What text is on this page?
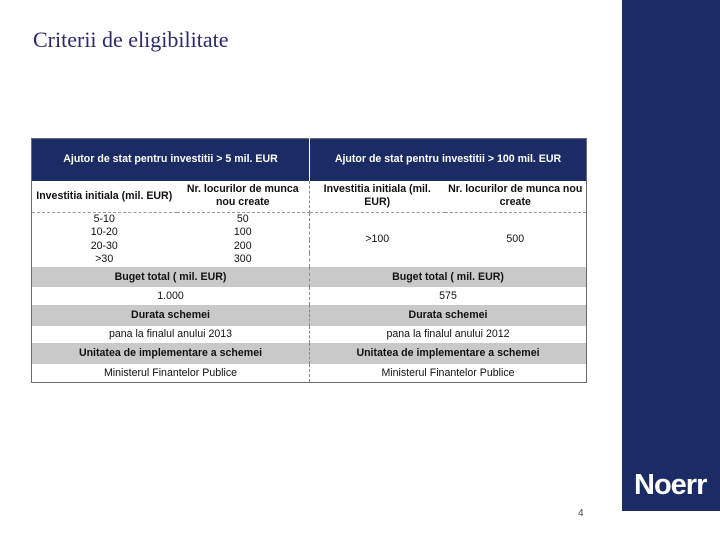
Criterii de eligibilitate
Noerr
4
Ajutor de stat pentru investitii > 5 mil. EUR		Ajutor de stat pentru investitii > 100 mil. EUR	
Investitia initiala (mil. EUR)	Nr. locurilor de munca nou create	Investitia initiala (mil. EUR)	Nr. locurilor de munca nou create
5-10	50	>100	500
10-20	100		
20-30	200		
>30	300		
Buget total ( mil. EUR)		Buget total ( mil. EUR)	
1.000		575	
Durata schemei		Durata schemei	
pana la finalul anului 2013		pana la finalul anului 2012	
Unitatea de implementare a schemei		Unitatea de implementare a schemei	
Ministerul Finantelor Publice		Ministerul Finantelor Publice	
